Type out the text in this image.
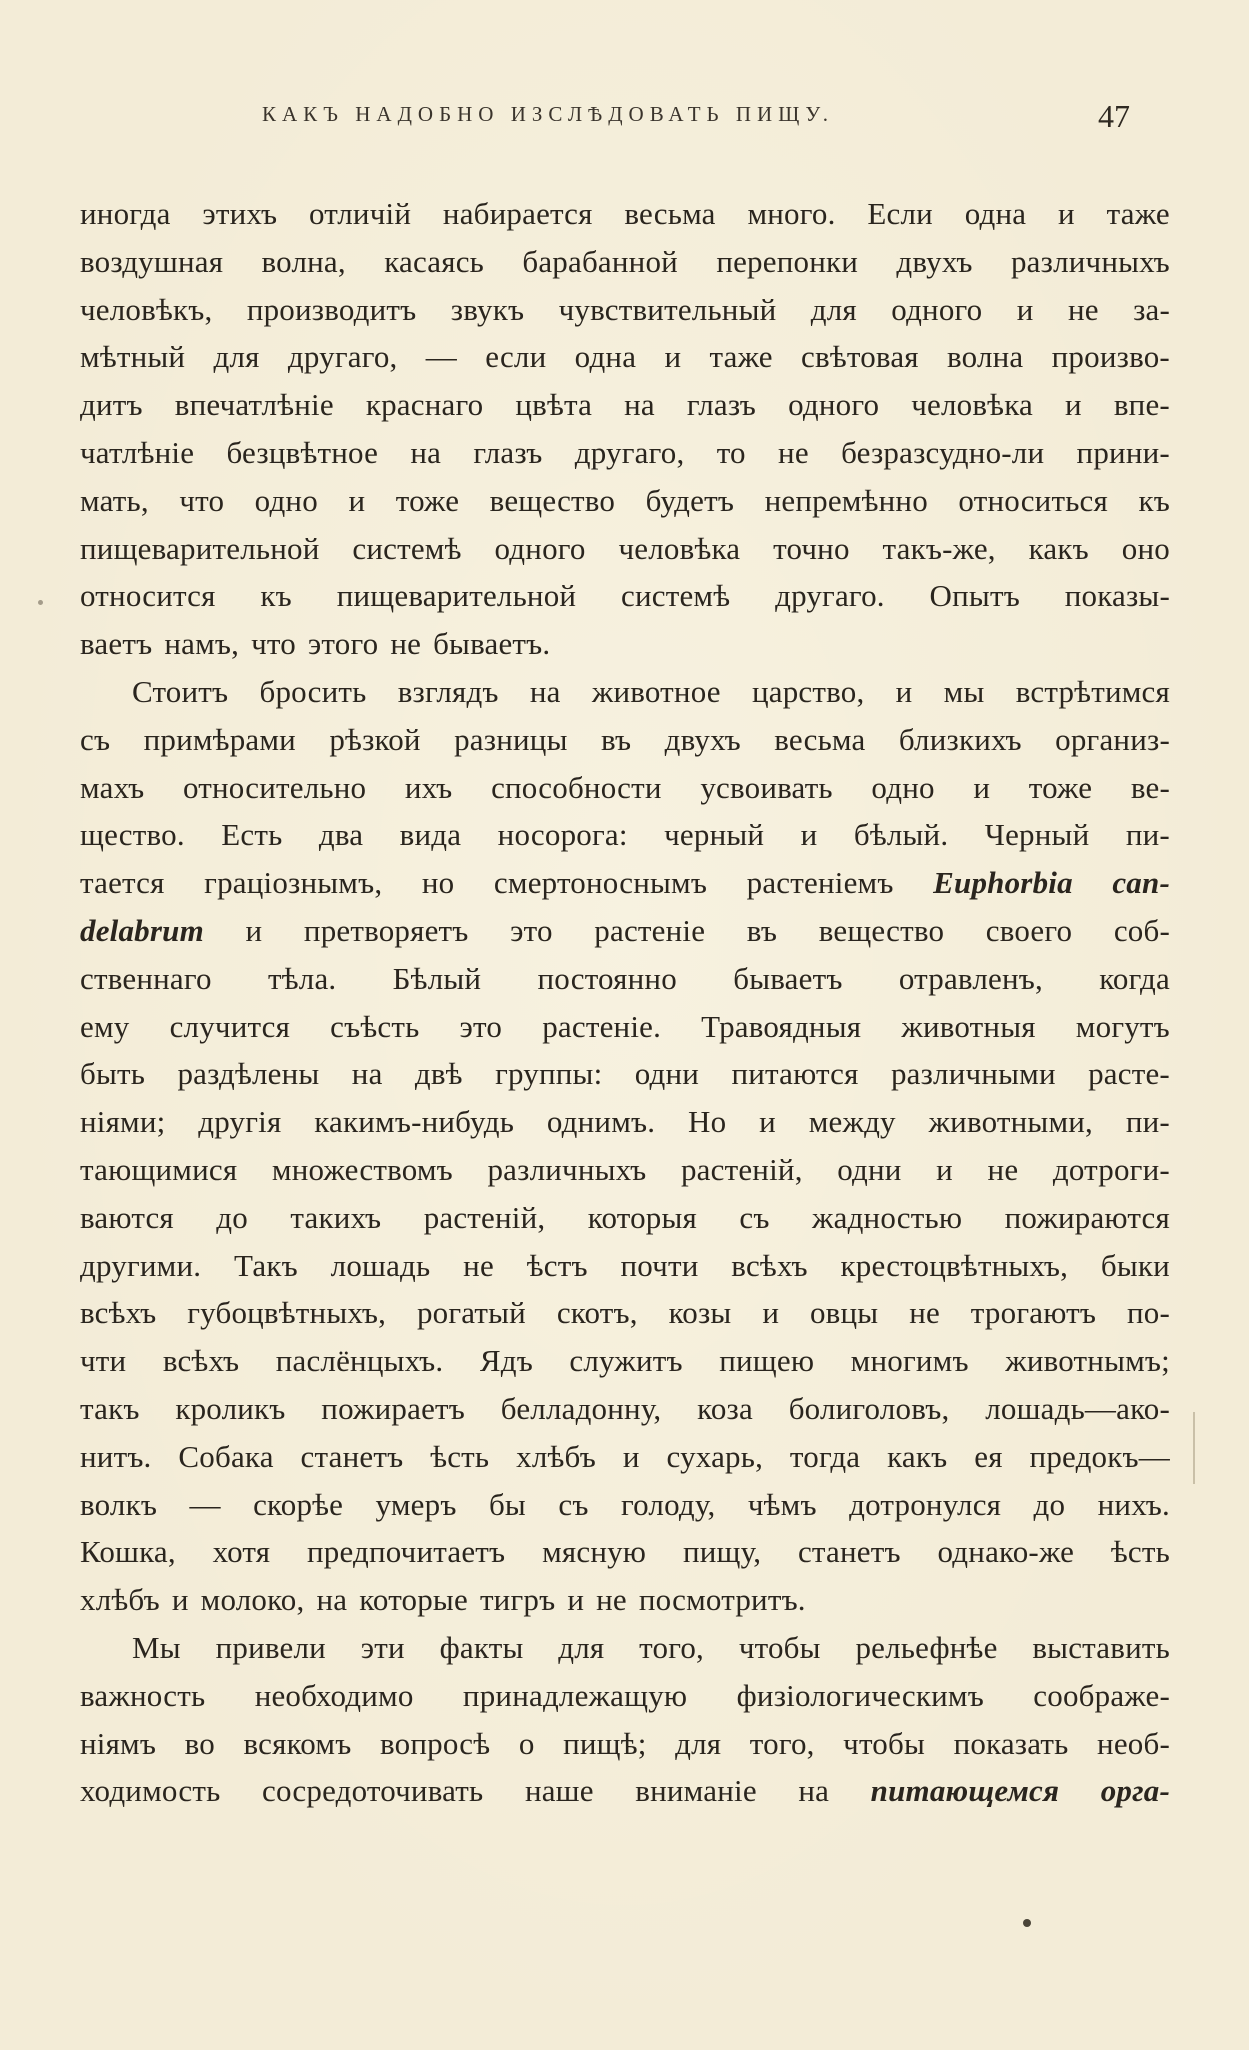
КАКЪ НАДОБНО ИЗСЛѢДОВАТЬ ПИЩУ.	47
иногда этихъ отличій набирается весьма много. Если одна и таже
воздушная волна, касаясь барабанной перепонки двухъ различныхъ
человѣкъ, производитъ звукъ чувствительный для одного и не за-
мѣтный для другаго, — если одна и таже свѣтовая волна произво-
дитъ впечатлѣніе краснаго цвѣта на глазъ одного человѣка и впе-
чатлѣніе безцвѣтное на глазъ другаго, то не безразсудно-ли прини-
мать, что одно и тоже вещество будетъ непремѣнно относиться къ
пищеварительной системѣ одного человѣка точно такъ-же, какъ оно
относится къ пищеварительной системѣ другаго. Опытъ показы-
ваетъ намъ, что этого не бываетъ.
Стоитъ бросить взглядъ на животное царство, и мы встрѣтимся
съ примѣрами рѣзкой разницы въ двухъ весьма близкихъ организ-
махъ относительно ихъ способности усвоивать одно и тоже ве-
щество. Есть два вида носорога: черный и бѣлый. Черный пи-
тается граціознымъ, но смертоноснымъ растеніемъ Euphorbia can-
delabrum и претворяетъ это растеніе въ вещество своего соб-
ственнаго тѣла. Бѣлый постоянно бываетъ отравленъ, когда
ему случится съѣсть это растеніе. Травоядныя животныя могутъ
быть раздѣлены на двѣ группы: одни питаются различными расте-
ніями; другія какимъ-нибудь однимъ. Но и между животными, пи-
тающимися множествомъ различныхъ растеній, одни и не дотроги-
ваются до такихъ растеній, которыя съ жадностью пожираются
другими. Такъ лошадь не ѣстъ почти всѣхъ крестоцвѣтныхъ, быки
всѣхъ губоцвѣтныхъ, рогатый скотъ, козы и овцы не трогаютъ по-
чти всѣхъ паслёнцыхъ. Ядъ служитъ пищею многимъ животнымъ;
такъ кроликъ пожираетъ белладонну, коза болиголовъ, лошадь—ако-
нитъ. Собака станетъ ѣсть хлѣбъ и сухарь, тогда какъ ея предокъ—
волкъ — скорѣе умеръ бы съ голоду, чѣмъ дотронулся до нихъ.
Кошка, хотя предпочитаетъ мясную пищу, станетъ однако-же ѣсть
хлѣбъ и молоко, на которые тигръ и не посмотритъ.
Мы привели эти факты для того, чтобы рельефнѣе выставить
важность необходимо принадлежащую физіологическимъ соображе-
ніямъ во всякомъ вопросѣ о пищѣ; для того, чтобы показать необ-
ходимость сосредоточивать наше вниманіе на питающемся орга-
